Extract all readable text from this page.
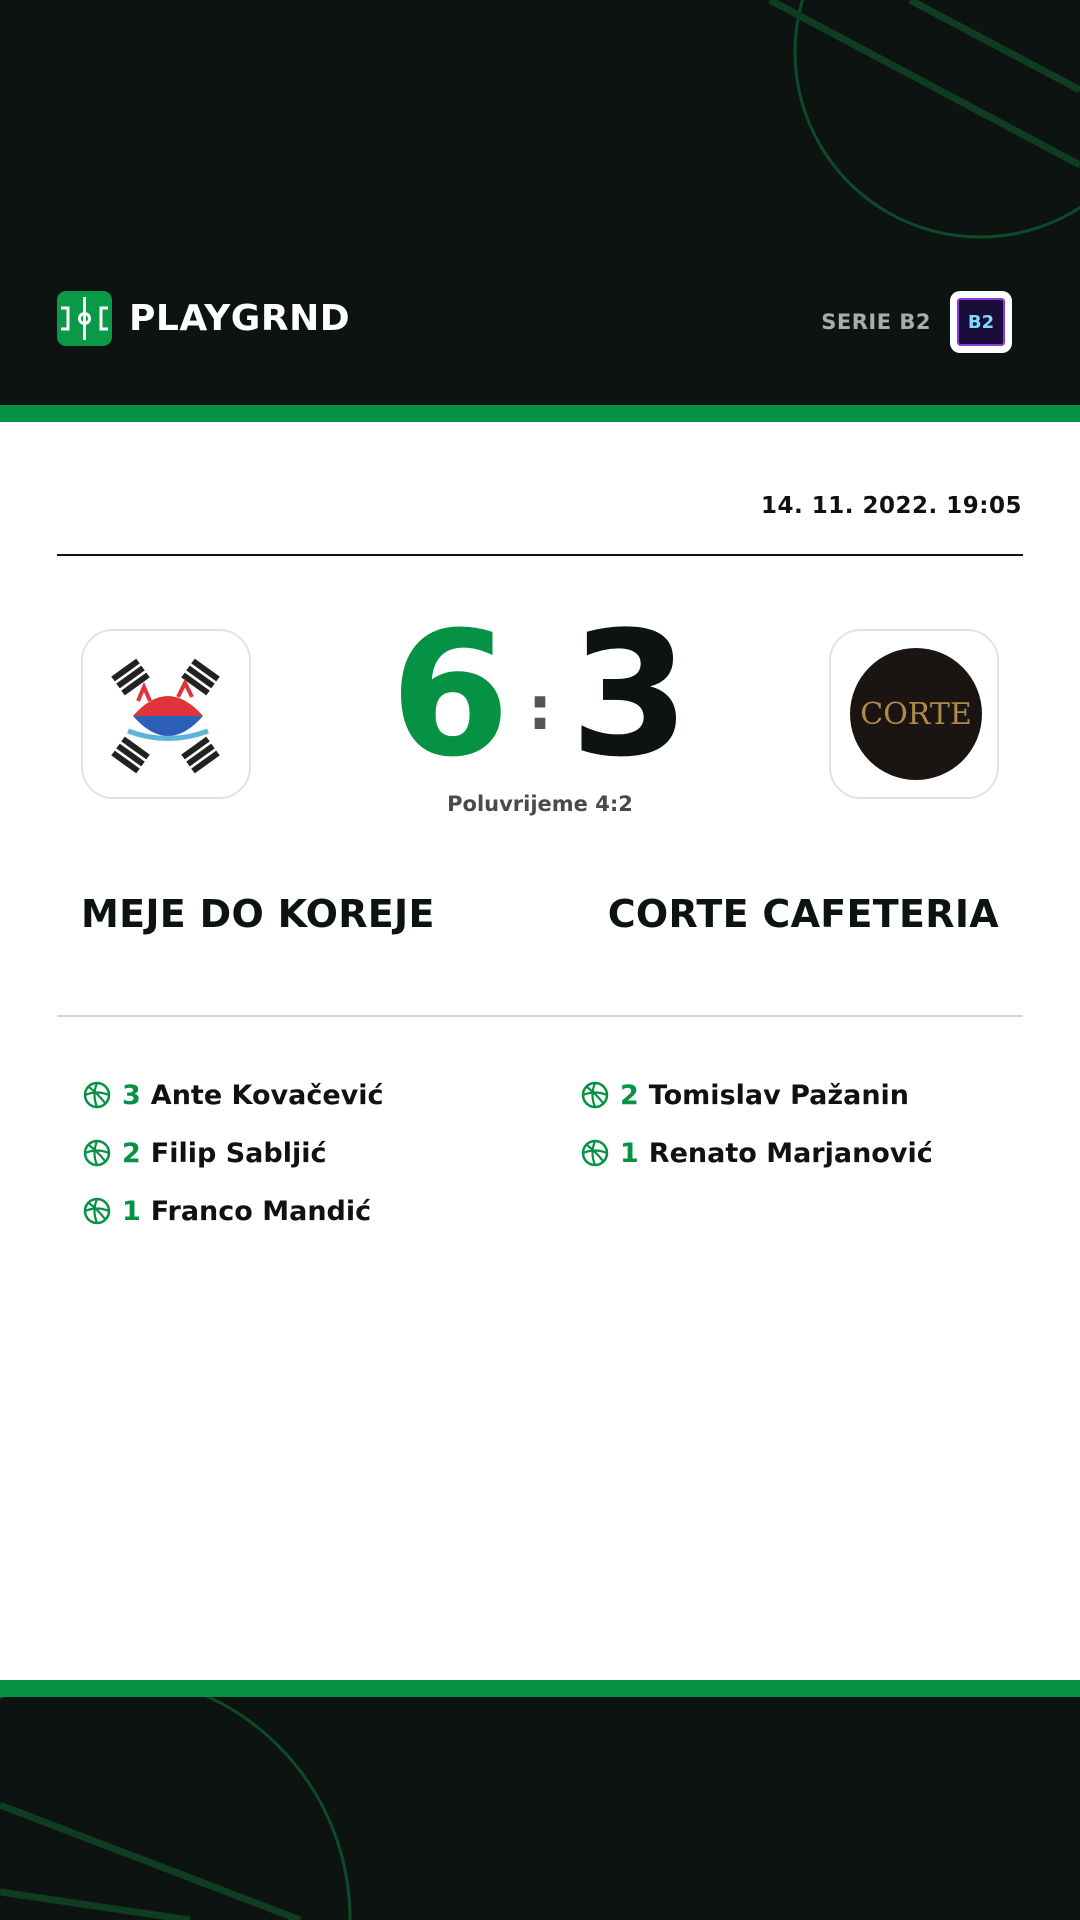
PLAYGRND	SERIE B2	B2
14. 11. 2022. 19:05
6 : 3
Poluvrijeme 4:2
CORTE
MEJE DO KOREJE	CORTE CAFETERIA
3 Ante Kovačević
2 Filip Sabljić
1 Franco Mandić
2 Tomislav Pažanin
1 Renato Marjanović
